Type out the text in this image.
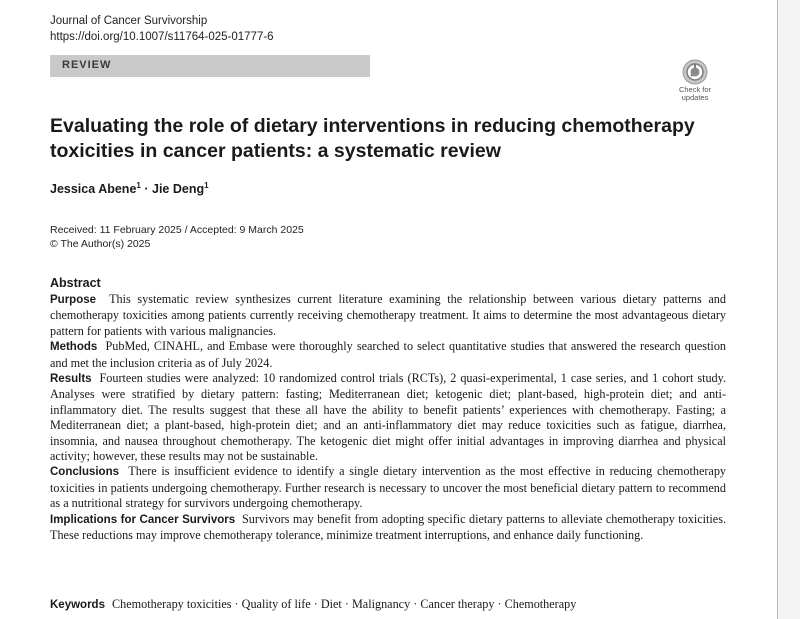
Journal of Cancer Survivorship
https://doi.org/10.1007/s11764-025-01777-6
REVIEW
Check for
updates
Evaluating the role of dietary interventions in reducing chemotherapy toxicities in cancer patients: a systematic review
Jessica Abene$^1$ · Jie Deng$^1$
Received: 11 February 2025 / Accepted: 9 March 2025
© The Author(s) 2025
Abstract

Purpose This systematic review synthesizes current literature examining the relationship between various dietary patterns and chemotherapy toxicities among patients currently receiving chemotherapy treatment. It aims to determine the most advantageous dietary pattern for patients with various malignancies.

Methods PubMed, CINAHL, and Embase were thoroughly searched to select quantitative studies that answered the research question and met the inclusion criteria as of July 2024.

Results Fourteen studies were analyzed: 10 randomized control trials (RCTs), 2 quasi-experimental, 1 case series, and 1 cohort study. Analyses were stratified by dietary pattern: fasting; Mediterranean diet; ketogenic diet; plant-based, high-protein diet; and anti-inflammatory diet. The results suggest that these all have the ability to benefit patients’ experiences with chemotherapy. Fasting; a Mediterranean diet; a plant-based, high-protein diet; and an anti-inflammatory diet may reduce toxicities such as fatigue, diarrhea, insomnia, and nausea throughout chemotherapy. The ketogenic diet might offer initial advantages in improving diarrhea and physical activity; however, these results may not be sustainable.

Conclusions There is insufficient evidence to identify a single dietary intervention as the most effective in reducing chemotherapy toxicities in patients undergoing chemotherapy. Further research is necessary to uncover the most beneficial dietary pattern to recommend as a nutritional strategy for survivors undergoing chemotherapy.

Implications for Cancer Survivors Survivors may benefit from adopting specific dietary patterns to alleviate chemotherapy toxicities. These reductions may improve chemotherapy tolerance, minimize treatment interruptions, and enhance daily functioning.

Keywords Chemotherapy toxicities · Quality of life · Diet · Malignancy · Cancer therapy · Chemotherapy
